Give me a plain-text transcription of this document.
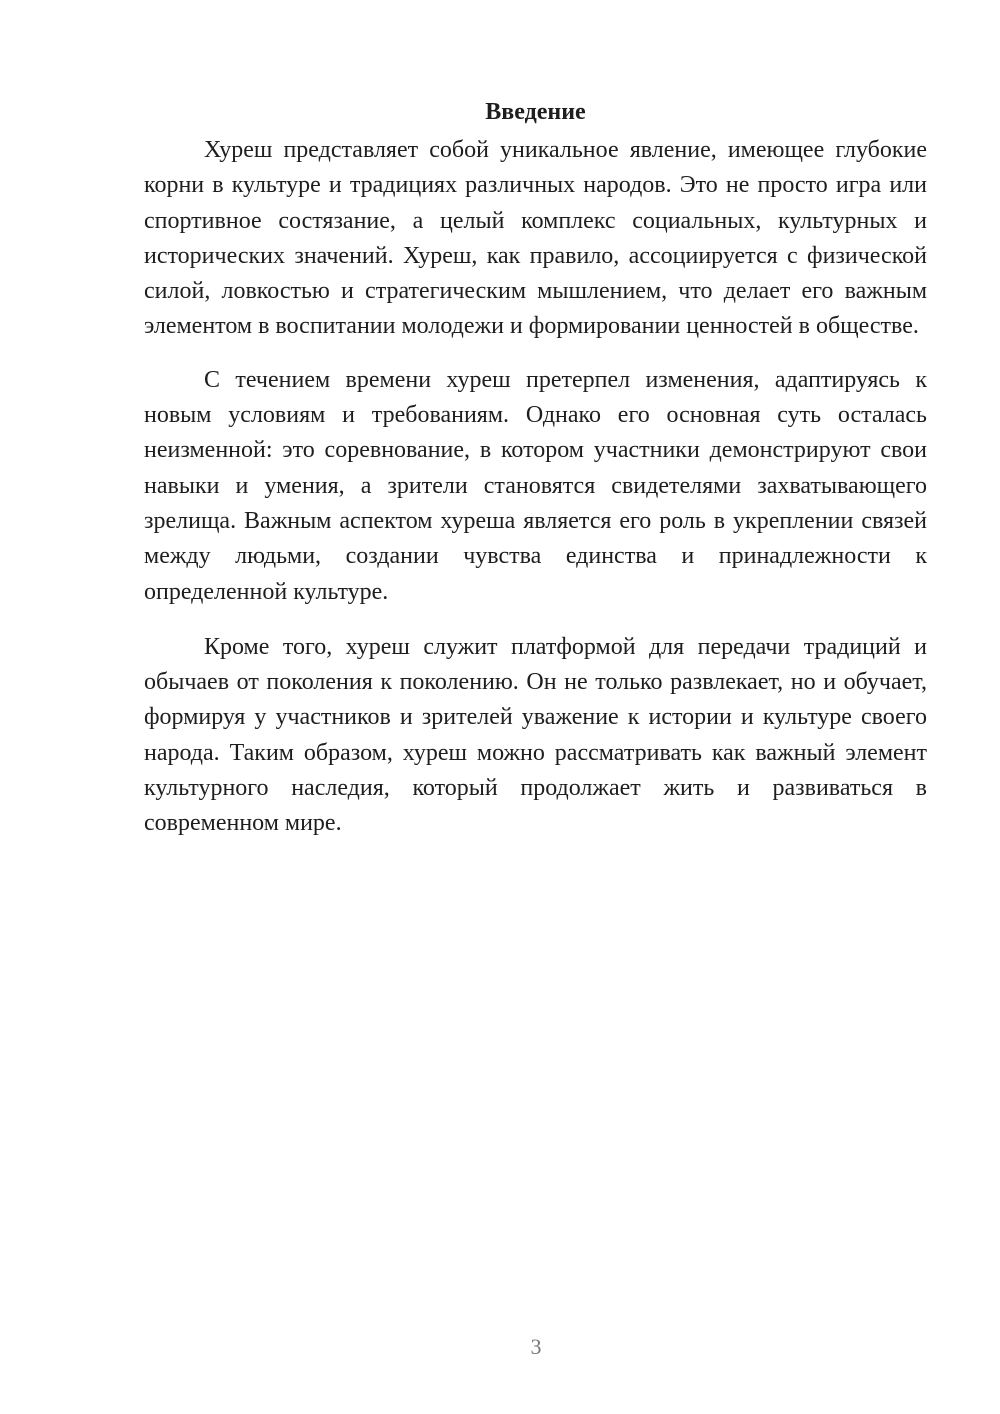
Введение

Хуреш представляет собой уникальное явление, имеющее глубокие корни в культуре и традициях различных народов. Это не просто игра или спортивное состязание, а целый комплекс социальных, культурных и исторических значений. Хуреш, как правило, ассоциируется с физической силой, ловкостью и стратегическим мышлением, что делает его важным элементом в воспитании молодежи и формировании ценностей в обществе.

С течением времени хуреш претерпел изменения, адаптируясь к новым условиям и требованиям. Однако его основная суть осталась неизменной: это соревнование, в котором участники демонстрируют свои навыки и умения, а зрители становятся свидетелями захватывающего зрелища. Важным аспектом хуреша является его роль в укреплении связей между людьми, создании чувства единства и принадлежности к определенной культуре.

Кроме того, хуреш служит платформой для передачи традиций и обычаев от поколения к поколению. Он не только развлекает, но и обучает, формируя у участников и зрителей уважение к истории и культуре своего народа. Таким образом, хуреш можно рассматривать как важный элемент культурного наследия, который продолжает жить и развиваться в современном мире.

3
